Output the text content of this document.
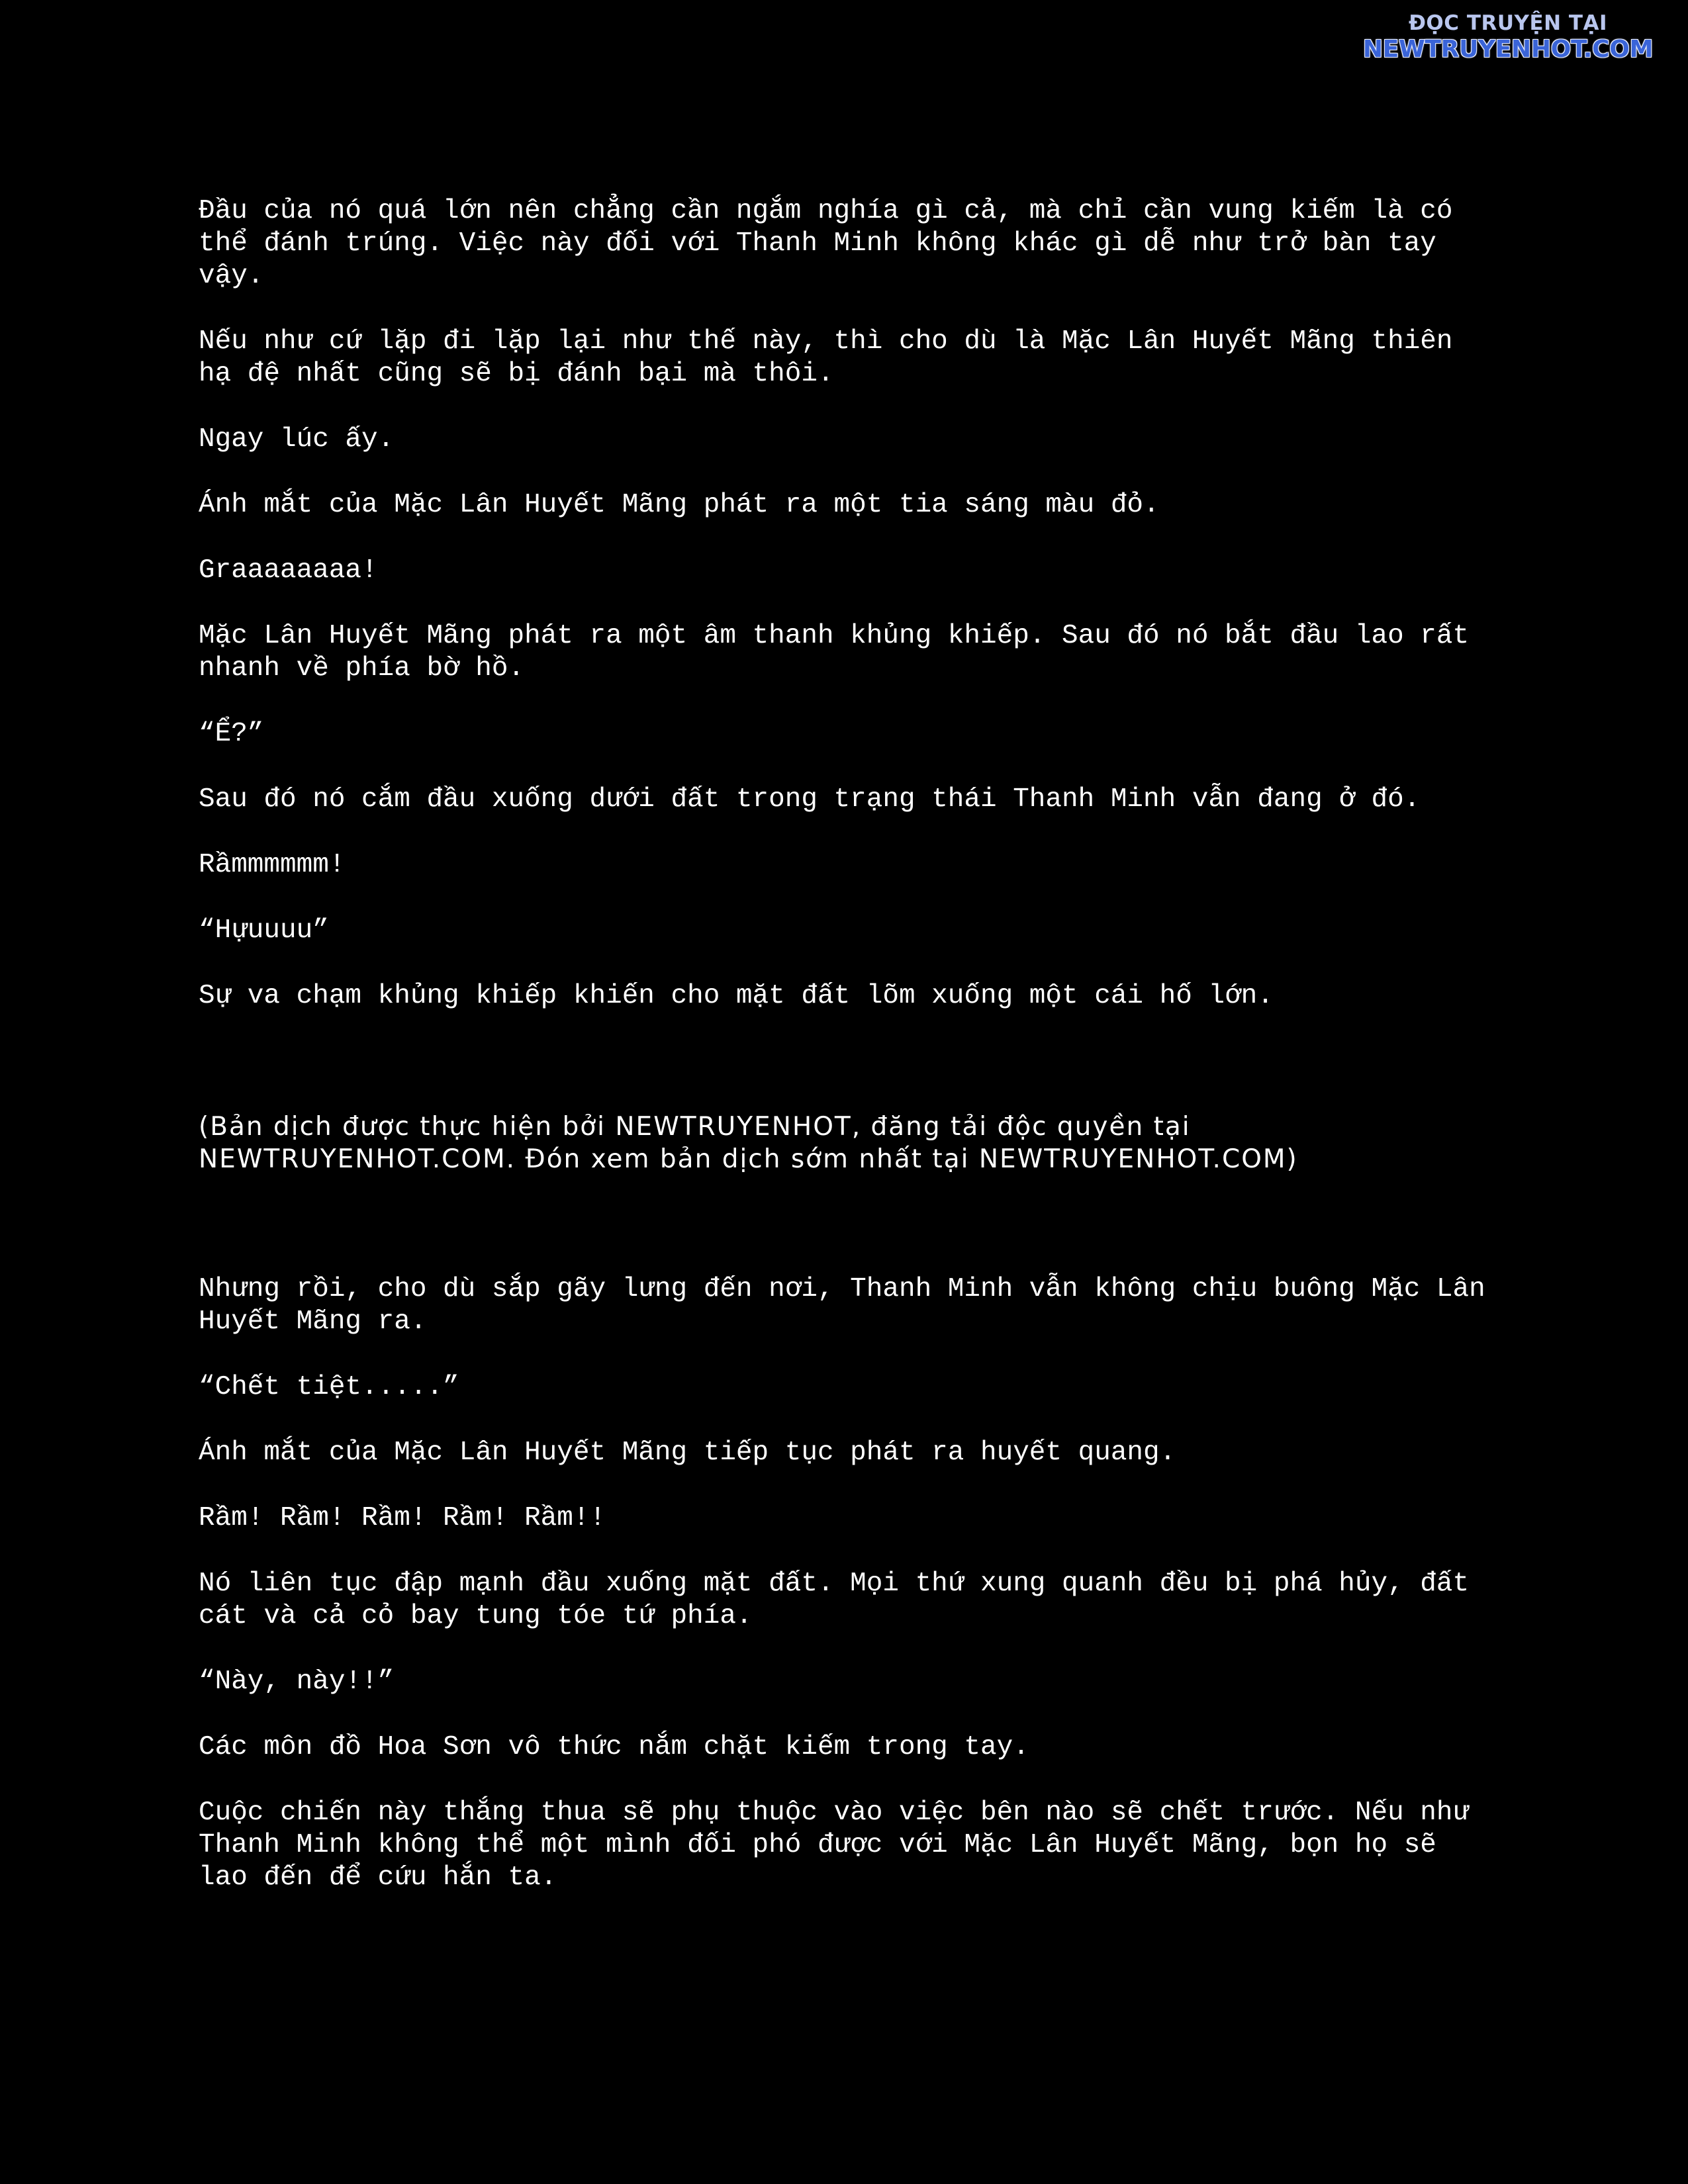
ĐỌC TRUYỆN TẠI
NEWTRUYENHOT.COM

Đầu của nó quá lớn nên chẳng cần ngắm nghía gì cả, mà chỉ cần vung kiếm là có thể đánh trúng. Việc này đối với Thanh Minh không khác gì dễ như trở bàn tay vậy.

Nếu như cứ lặp đi lặp lại như thế này, thì cho dù là Mặc Lân Huyết Mãng thiên hạ đệ nhất cũng sẽ bị đánh bại mà thôi.

Ngay lúc ấy.

Ánh mắt của Mặc Lân Huyết Mãng phát ra một tia sáng màu đỏ.

Graaaaaaaa!

Mặc Lân Huyết Mãng phát ra một âm thanh khủng khiếp. Sau đó nó bắt đầu lao rất nhanh về phía bờ hồ.

“Ể?”

Sau đó nó cắm đầu xuống dưới đất trong trạng thái Thanh Minh vẫn đang ở đó.

Rầmmmmmm!

“Hựuuuu”

Sự va chạm khủng khiếp khiến cho mặt đất lõm xuống một cái hố lớn.

(Bản dịch được thực hiện bởi NEWTRUYENHOT, đăng tải độc quyền tại NEWTRUYENHOT.COM. Đón xem bản dịch sớm nhất tại NEWTRUYENHOT.COM)

Nhưng rồi, cho dù sắp gãy lưng đến nơi, Thanh Minh vẫn không chịu buông Mặc Lân Huyết Mãng ra.

“Chết tiệt.....”

Ánh mắt của Mặc Lân Huyết Mãng tiếp tục phát ra huyết quang.

Rầm! Rầm! Rầm! Rầm! Rầm!!

Nó liên tục đập mạnh đầu xuống mặt đất. Mọi thứ xung quanh đều bị phá hủy, đất cát và cả cỏ bay tung tóe tứ phía.

“Này, này!!”

Các môn đồ Hoa Sơn vô thức nắm chặt kiếm trong tay.

Cuộc chiến này thắng thua sẽ phụ thuộc vào việc bên nào sẽ chết trước. Nếu như Thanh Minh không thể một mình đối phó được với Mặc Lân Huyết Mãng, bọn họ sẽ lao đến để cứu hắn ta.
